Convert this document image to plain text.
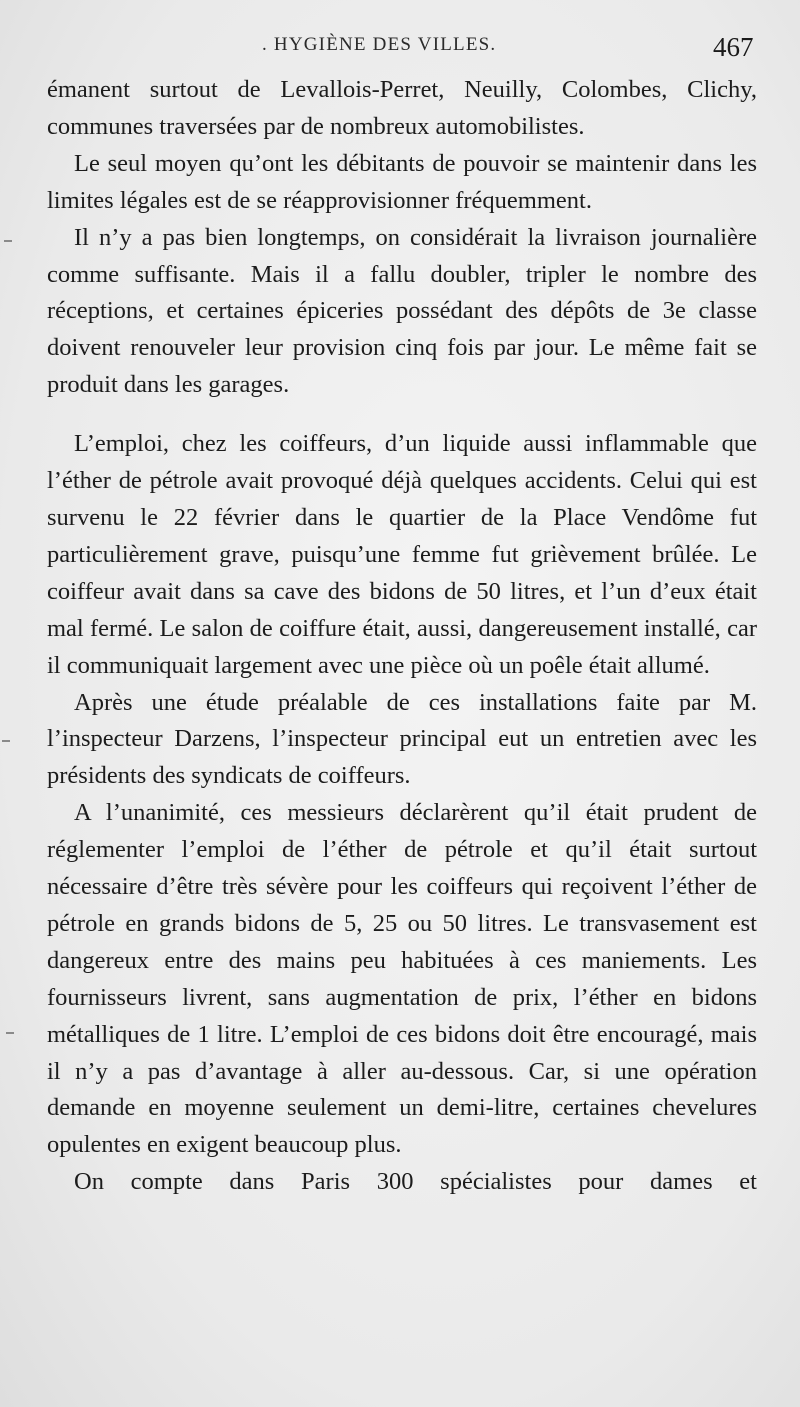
. HYGIÈNE DES VILLES.	467

émanent surtout de Levallois-Perret, Neuilly, Colombes, Clichy, communes traversées par de nombreux automobilistes.

Le seul moyen qu’ont les débitants de pouvoir se maintenir dans les limites légales est de se réapprovisionner fréquemment.

Il n’y a pas bien longtemps, on considérait la livraison journalière comme suffisante. Mais il a fallu doubler, tripler le nombre des réceptions, et certaines épiceries possédant des dépôts de 3e classe doivent renouveler leur provision cinq fois par jour. Le même fait se produit dans les garages.

L’emploi, chez les coiffeurs, d’un liquide aussi inflammable que l’éther de pétrole avait provoqué déjà quelques accidents. Celui qui est survenu le 22 février dans le quartier de la Place Vendôme fut particulièrement grave, puisqu’une femme fut grièvement brûlée. Le coiffeur avait dans sa cave des bidons de 50 litres, et l’un d’eux était mal fermé. Le salon de coiffure était, aussi, dangereusement installé, car il communiquait largement avec une pièce où un poêle était allumé.

Après une étude préalable de ces installations faite par M. l’inspecteur Darzens, l’inspecteur principal eut un entretien avec les présidents des syndicats de coiffeurs.

A l’unanimité, ces messieurs déclarèrent qu’il était prudent de réglementer l’emploi de l’éther de pétrole et qu’il était surtout nécessaire d’être très sévère pour les coiffeurs qui reçoivent l’éther de pétrole en grands bidons de 5, 25 ou 50 litres. Le transvasement est dangereux entre des mains peu habituées à ces maniements. Les fournisseurs livrent, sans augmentation de prix, l’éther en bidons métalliques de 1 litre. L’emploi de ces bidons doit être encouragé, mais il n’y a pas d’avantage à aller au-dessous. Car, si une opération demande en moyenne seulement un demi-litre, certaines chevelures opulentes en exigent beaucoup plus.

On compte dans Paris 300 spécialistes pour dames et
